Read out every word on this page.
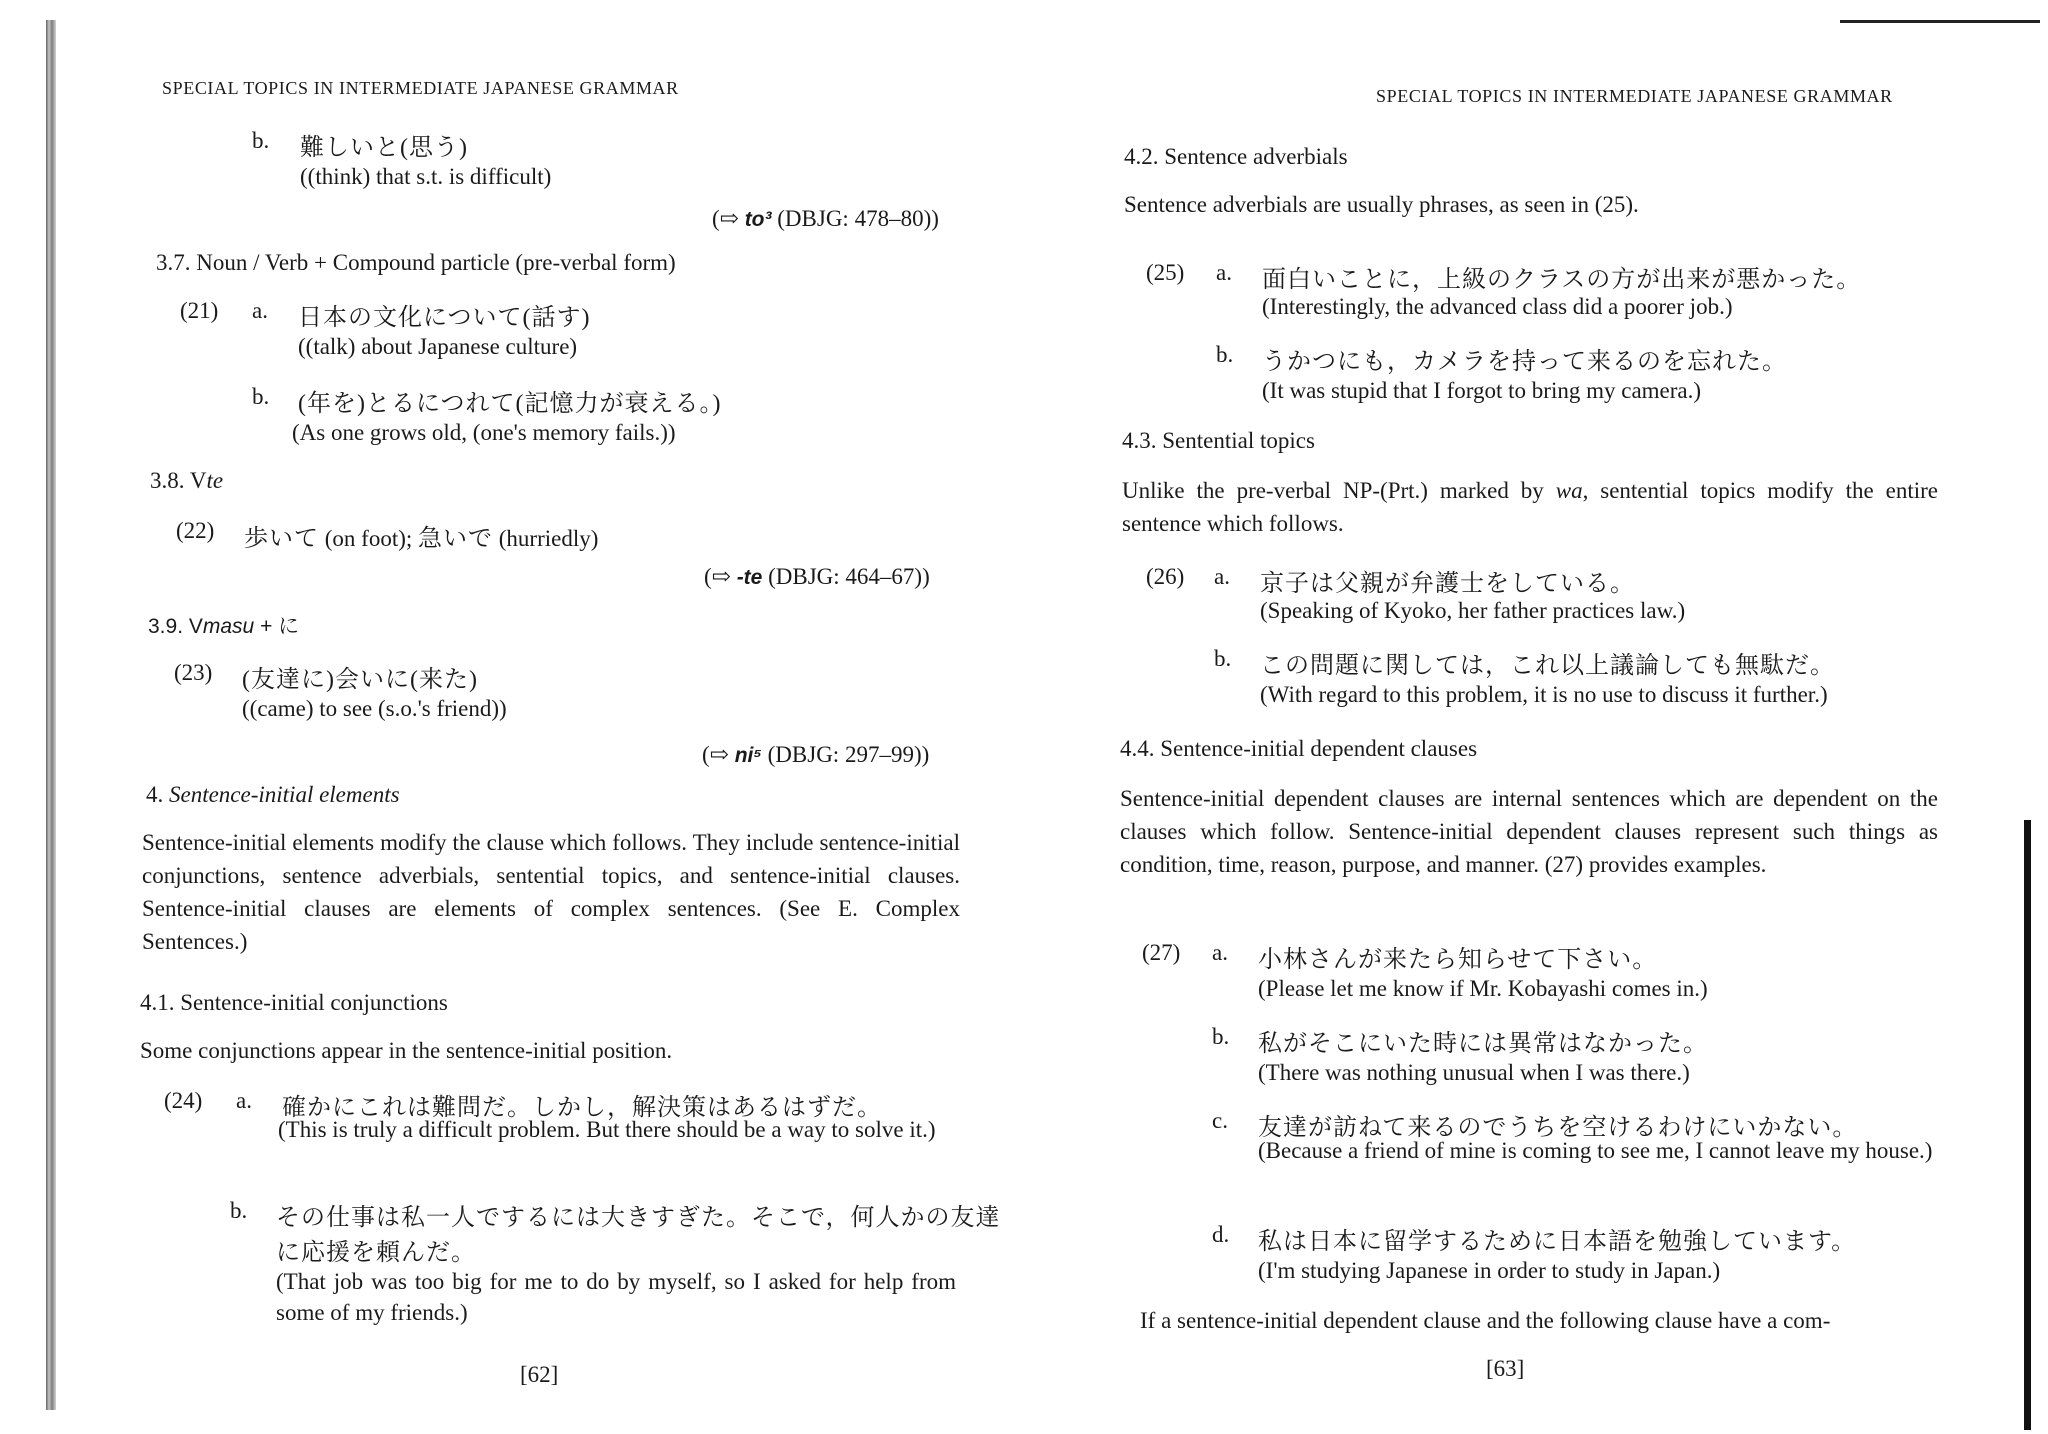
SPECIAL TOPICS IN INTERMEDIATE JAPANESE GRAMMAR
b. 難しいと(思う)
((think) that s.t. is difficult)
(⇨ to³ (DBJG: 478–80))
3.7. Noun / Verb + Compound particle (pre-verbal form)
(21) a. 日本の文化について(話す)
((talk) about Japanese culture)
b. (年を)とるにつれて(記憶力が衰える。)
(As one grows old, (one's memory fails.))
3.8. Vte
(22) 歩いて (on foot); 急いで (hurriedly)
(⇨ -te (DBJG: 464–67))
3.9. Vmasu + に
(23) (友達に)会いに(来た)
((came) to see (s.o.'s friend))
(⇨ ni⁵ (DBJG: 297–99))
4. Sentence-initial elements
Sentence-initial elements modify the clause which follows. They include sentence-initial conjunctions, sentence adverbials, sentential topics, and sentence-initial clauses. Sentence-initial clauses are elements of complex sentences. (See E. Complex Sentences.)
4.1. Sentence-initial conjunctions
Some conjunctions appear in the sentence-initial position.
(24) a. 確かにこれは難問だ。しかし，解決策はあるはずだ。
(This is truly a difficult problem. But there should be a way to solve it.)
b. その仕事は私一人でするには大きすぎた。そこで，何人かの友達
に応援を頼んだ。
(That job was too big for me to do by myself, so I asked for help from some of my friends.)
[62]
SPECIAL TOPICS IN INTERMEDIATE JAPANESE GRAMMAR
4.2. Sentence adverbials
Sentence adverbials are usually phrases, as seen in (25).
(25) a. 面白いことに，上級のクラスの方が出来が悪かった。
(Interestingly, the advanced class did a poorer job.)
b. うかつにも，カメラを持って来るのを忘れた。
(It was stupid that I forgot to bring my camera.)
4.3. Sentential topics
Unlike the pre-verbal NP-(Prt.) marked by wa, sentential topics modify the entire sentence which follows.
(26) a. 京子は父親が弁護士をしている。
(Speaking of Kyoko, her father practices law.)
b. この問題に関しては，これ以上議論しても無駄だ。
(With regard to this problem, it is no use to discuss it further.)
4.4. Sentence-initial dependent clauses
Sentence-initial dependent clauses are internal sentences which are dependent on the clauses which follow. Sentence-initial dependent clauses represent such things as condition, time, reason, purpose, and manner. (27) provides examples.
(27) a. 小林さんが来たら知らせて下さい。
(Please let me know if Mr. Kobayashi comes in.)
b. 私がそこにいた時には異常はなかった。
(There was nothing unusual when I was there.)
c. 友達が訪ねて来るのでうちを空けるわけにいかない。
(Because a friend of mine is coming to see me, I cannot leave my house.)
d. 私は日本に留学するために日本語を勉強しています。
(I'm studying Japanese in order to study in Japan.)
If a sentence-initial dependent clause and the following clause have a com-
[63]
